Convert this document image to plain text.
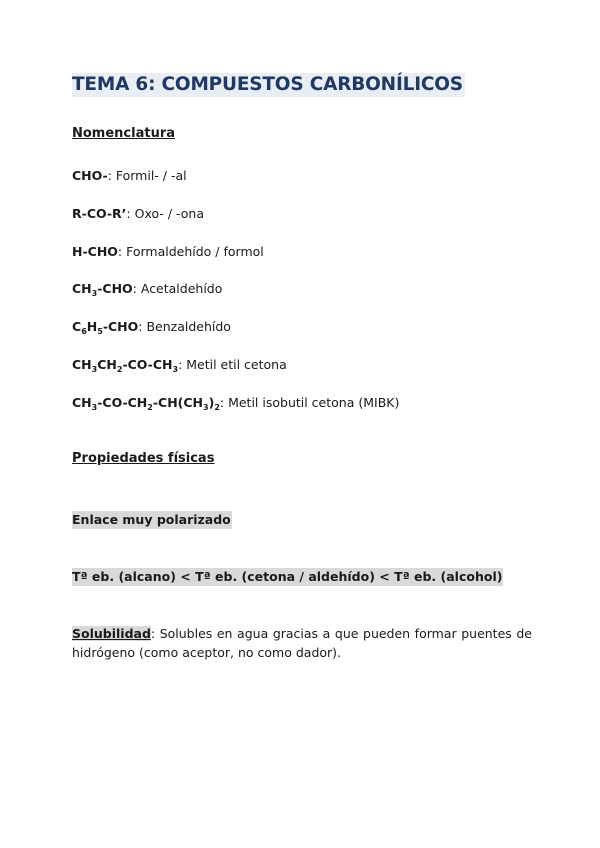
TEMA 6: COMPUESTOS CARBONÍLICOS
Nomenclatura
CHO-: Formil- / -al
R-CO-R’: Oxo- / -ona
H-CHO: Formaldehído / formol
$CH_3$-CHO: Acetaldehído
$C_6H_5$-CHO: Benzaldehído
$CH_3CH_2-CO-CH_3$: Metil etil cetona
$CH_3-CO-CH_2-CH(CH_3)_2$: Metil isobutil cetona (MIBK)
Propiedades físicas
Enlace muy polarizado
Tª eb. (alcano) < Tª eb. (cetona / aldehído) < Tª eb. (alcohol)
Solubilidad: Solubles en agua gracias a que pueden formar puentes de hidrógeno (como aceptor, no como dador).
